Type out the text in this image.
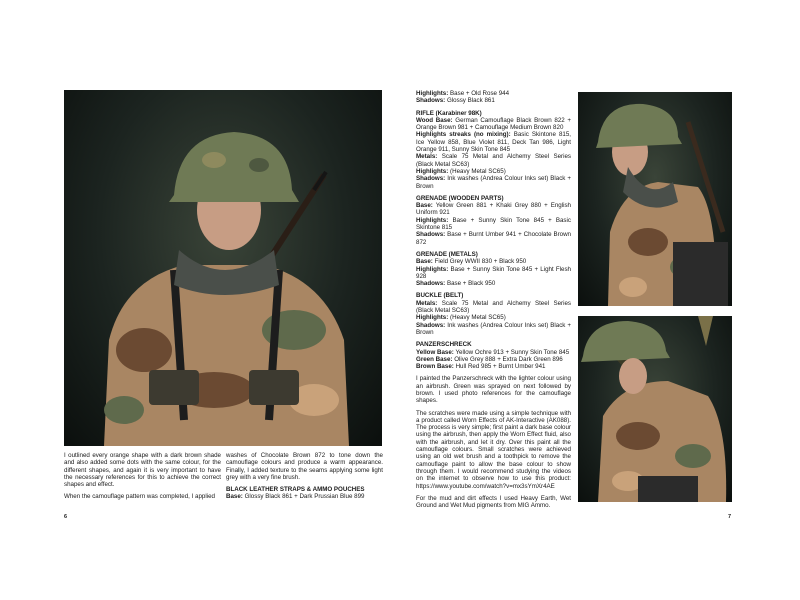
I outlined every orange shape with a dark brown shade and also added some dots with the same colour, for the different shapes, and again it is very important to have the necessary references for this to achieve the correct shapes and effect.

When the camouflage pattern was completed, I applied

washes of Chocolate Brown 872 to tone down the camouflage colours and produce a warm appearance. Finally, I added texture to the seams applying some light grey with a very fine brush.

BLACK LEATHER STRAPS & AMMO POUCHES
Base: Glossy Black 861 + Dark Prussian Blue 899
6
Highlights: Base + Old Rose 944
Shadows: Glossy Black 861
RIFLE (Karabiner 98K)
Wood Base: German Camouflage Black Brown 822 + Orange Brown 981 + Camouflage Medium Brown 820
Highlights streaks (no mixing): Basic Skintone 815, Ice Yellow 858, Blue Violet 811, Deck Tan 986, Light Orange 911, Sunny Skin Tone 845
Metals: Scale 75 Metal and Alchemy Steel Series (Black Metal SC63)
Highlights: (Heavy Metal SC65)
Shadows: Ink washes (Andrea Colour Inks set) Black + Brown
GRENADE (WOODEN PARTS)
Base: Yellow Green 881 + Khaki Grey 880 + English Uniform 921
Highlights: Base + Sunny Skin Tone 845 + Basic Skintone 815
Shadows: Base + Burnt Umber 941 + Chocolate Brown 872
GRENADE (METALS)
Base: Field Grey WWII 830 + Black 950
Highlights: Base + Sunny Skin Tone 845 + Light Flesh 928
Shadows: Base + Black 950
BUCKLE (BELT)
Metals: Scale 75 Metal and Alchemy Steel Series (Black Metal SC63)
Highlights: (Heavy Metal SC65)
Shadows: Ink washes (Andrea Colour Inks set) Black + Brown
PANZERSCHRECK
Yellow Base: Yellow Ochre 913 + Sunny Skin Tone 845
Green Base: Olive Grey 888 + Extra Dark Green 896
Brown Base: Hull Red 985 + Burnt Umber 941

I painted the Panzerschreck with the lighter colour using an airbrush. Green was sprayed on next followed by brown. I used photo references for the camouflage shapes.

The scratches were made using a simple technique with a product called Worn Effects of AK-Interactive (AK088). The process is very simple; first paint a dark base colour using the airbrush, then apply the Worn Effect fluid, also with the airbrush, and let it dry. Over this paint all the camouflage colours. Small scratches were achieved using an old wet brush and a toothpick to remove the camouflage paint to allow the base colour to show through them. I would recommend studying the videos on the internet to observe how to use this product: https://www.youtube.com/watch?v=mx3sYmXr4AE

For the mud and dirt effects I used Heavy Earth, Wet Ground and Wet Mud pigments from MIG Ammo.

7
